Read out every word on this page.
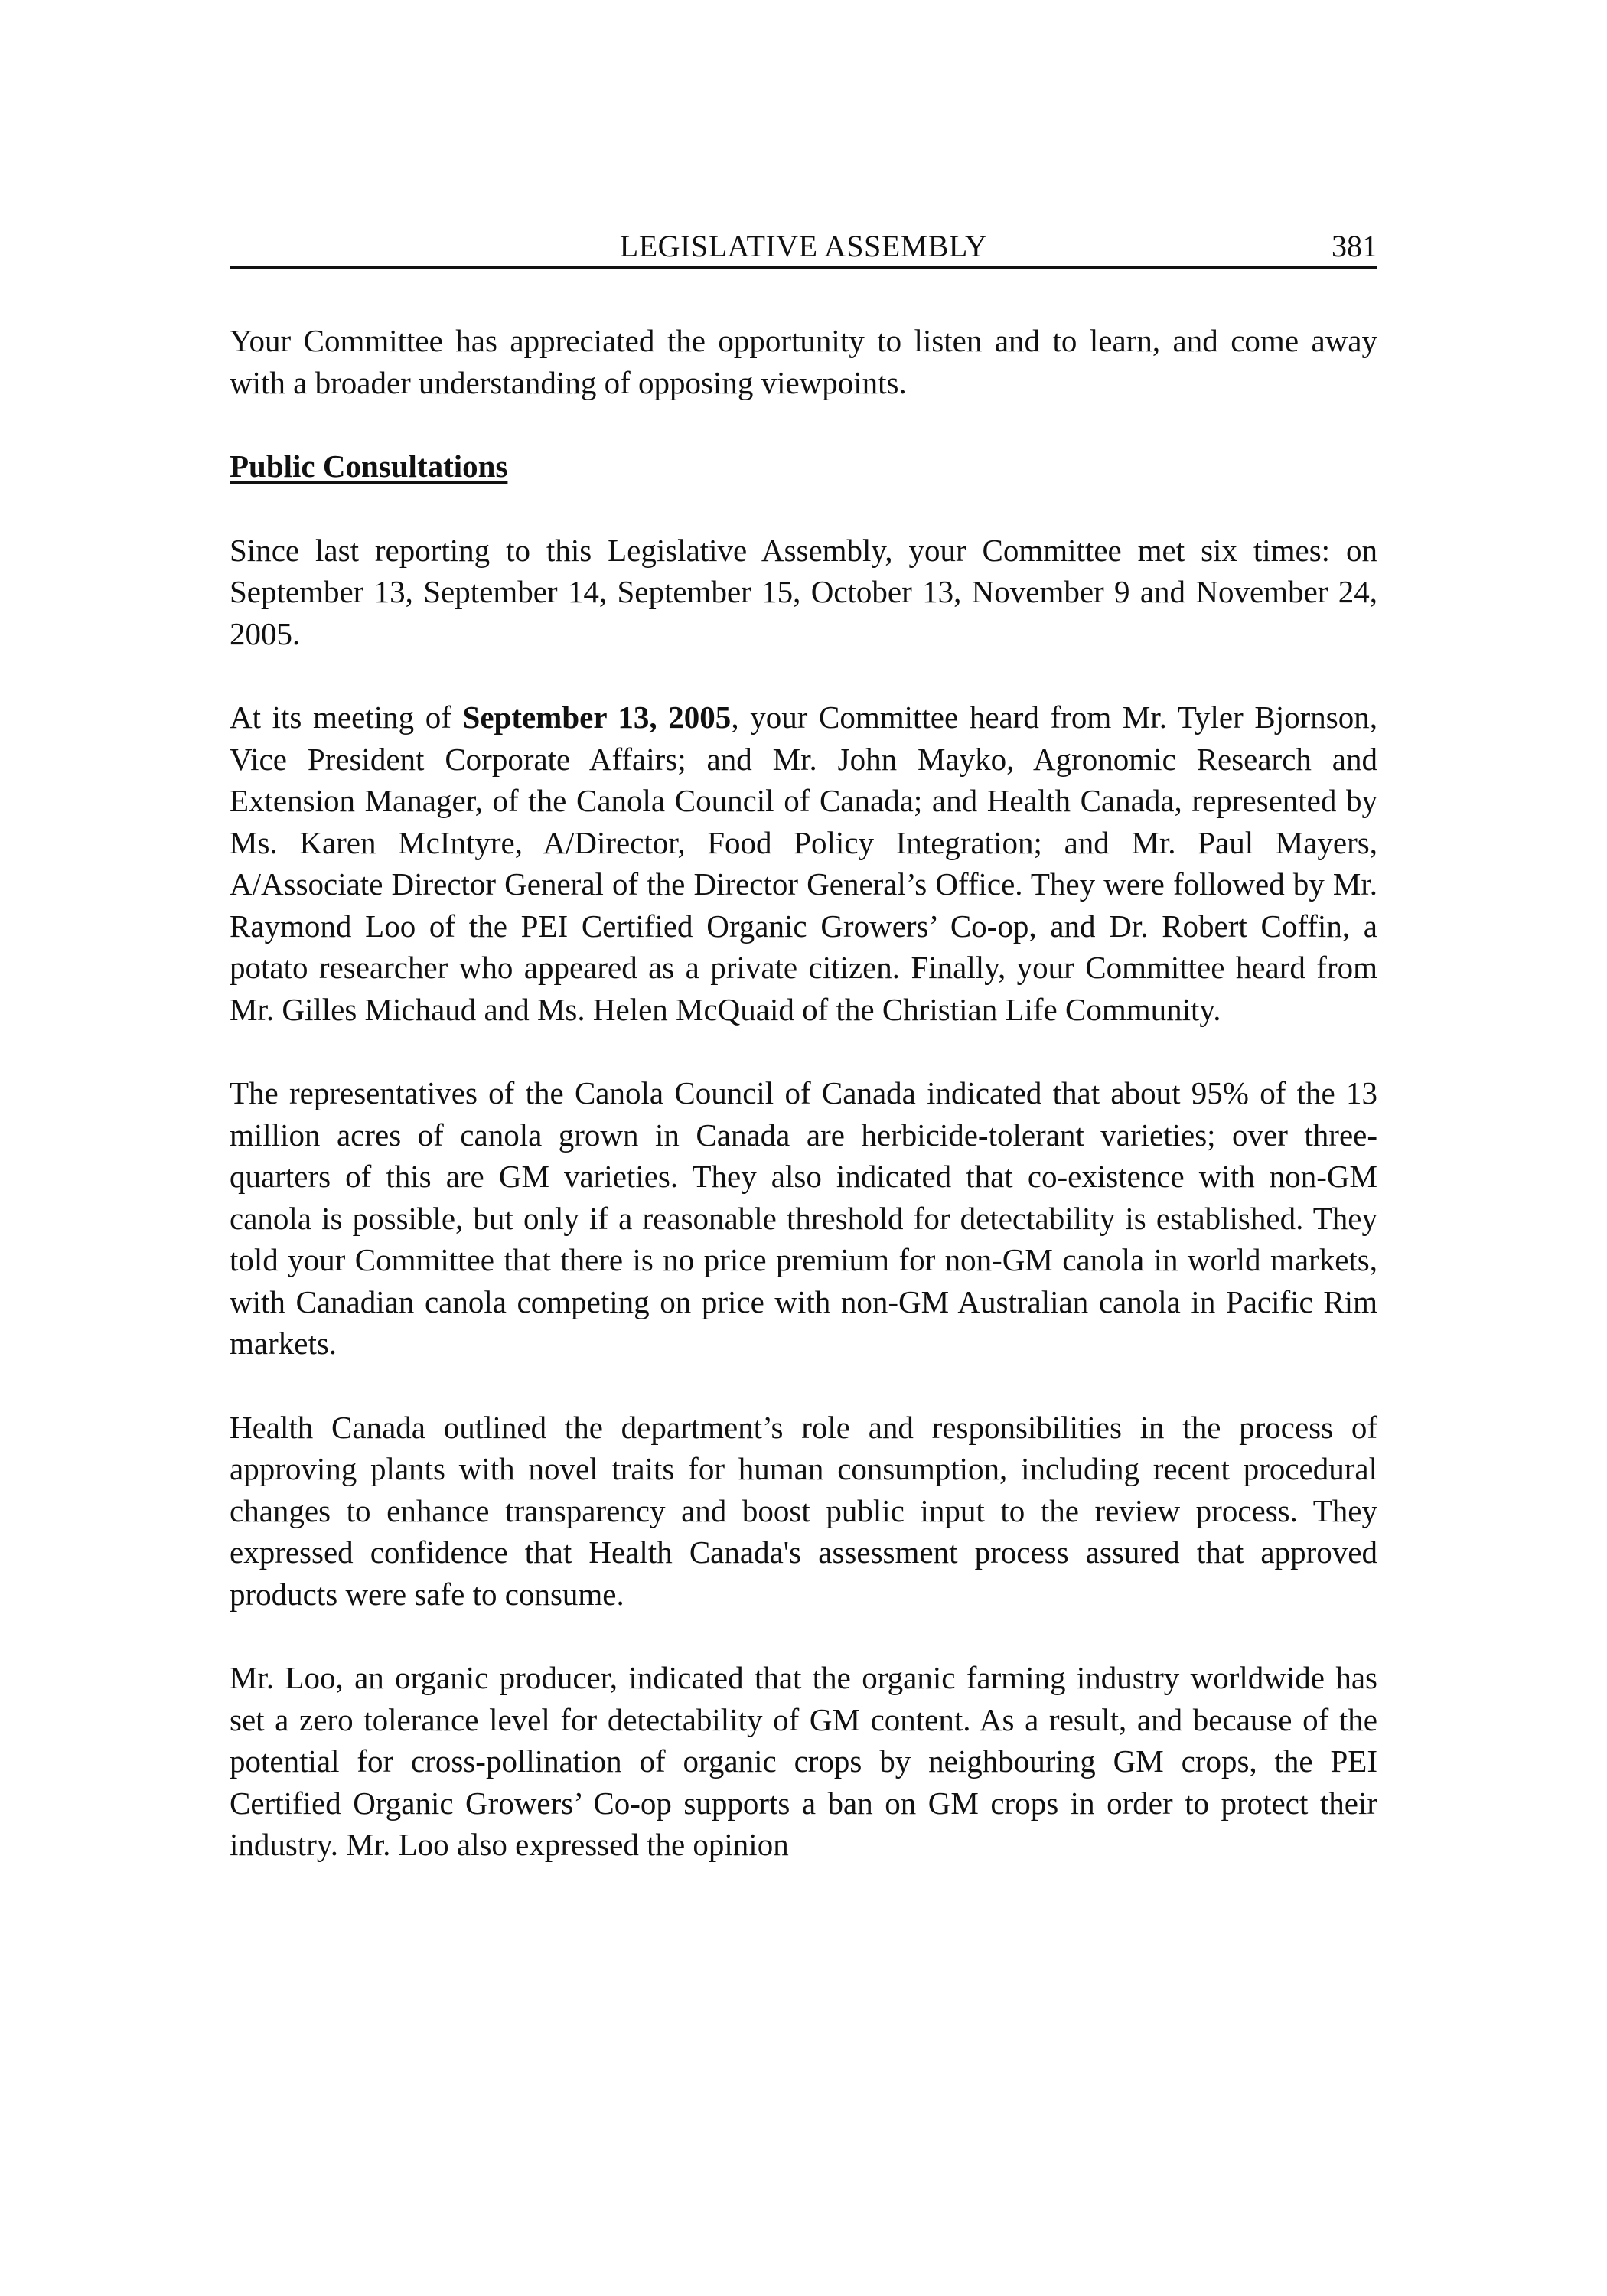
LEGISLATIVE ASSEMBLY	381

Your Committee has appreciated the opportunity to listen and to learn, and come away with a broader understanding of opposing viewpoints.

Public Consultations

Since last reporting to this Legislative Assembly, your Committee met six times: on September 13, September 14, September 15, October 13, November 9 and November 24, 2005.

At its meeting of September 13, 2005, your Committee heard from Mr. Tyler Bjornson, Vice President Corporate Affairs; and Mr. John Mayko, Agronomic Research and Extension Manager, of the Canola Council of Canada; and Health Canada, represented by Ms. Karen McIntyre, A/Director, Food Policy Integration; and Mr. Paul Mayers, A/Associate Director General of the Director General’s Office. They were followed by Mr. Raymond Loo of the PEI Certified Organic Growers’ Co-op, and Dr. Robert Coffin, a potato researcher who appeared as a private citizen. Finally, your Committee heard from Mr. Gilles Michaud and Ms. Helen McQuaid of the Christian Life Community.

The representatives of the Canola Council of Canada indicated that about 95% of the 13 million acres of canola grown in Canada are herbicide-tolerant varieties; over three-quarters of this are GM varieties. They also indicated that co-existence with non-GM canola is possible, but only if a reasonable threshold for detectability is established. They told your Committee that there is no price premium for non-GM canola in world markets, with Canadian canola competing on price with non-GM Australian canola in Pacific Rim markets.

Health Canada outlined the department’s role and responsibilities in the process of approving plants with novel traits for human consumption, including recent procedural changes to enhance transparency and boost public input to the review process. They expressed confidence that Health Canada's assessment process assured that approved products were safe to consume.

Mr. Loo, an organic producer, indicated that the organic farming industry worldwide has set a zero tolerance level for detectability of GM content. As a result, and because of the potential for cross-pollination of organic crops by neighbouring GM crops, the PEI Certified Organic Growers’ Co-op supports a ban on GM crops in order to protect their industry. Mr. Loo also expressed the opinion
